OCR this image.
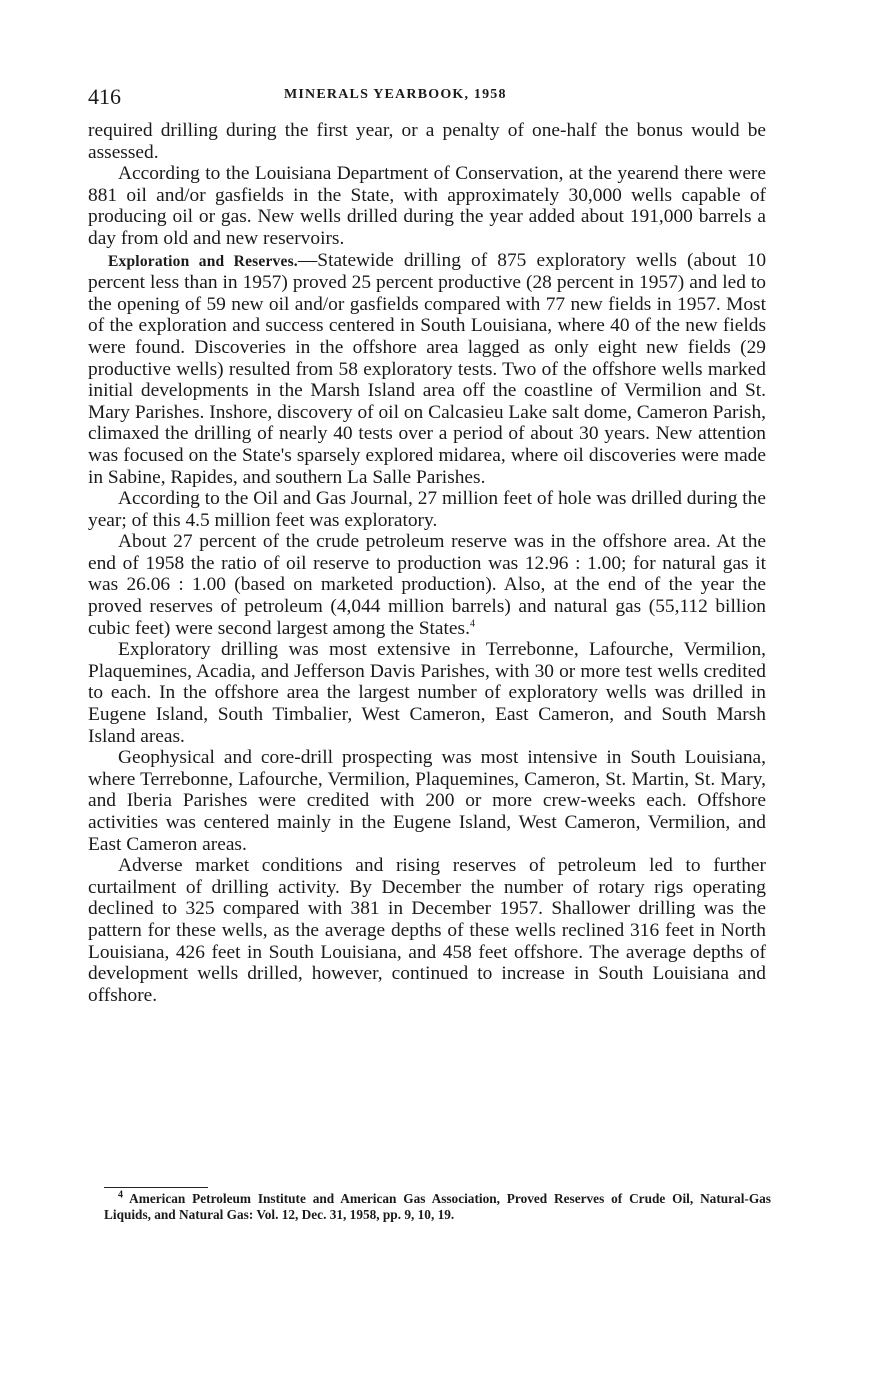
416	MINERALS YEARBOOK, 1958

required drilling during the first year, or a penalty of one-half the bonus would be assessed.

According to the Louisiana Department of Conservation, at the yearend there were 881 oil and/or gasfields in the State, with approximately 30,000 wells capable of producing oil or gas. New wells drilled during the year added about 191,000 barrels a day from old and new reservoirs.

Exploration and Reserves.—Statewide drilling of 875 exploratory wells (about 10 percent less than in 1957) proved 25 percent productive (28 percent in 1957) and led to the opening of 59 new oil and/or gasfields compared with 77 new fields in 1957. Most of the exploration and success centered in South Louisiana, where 40 of the new fields were found. Discoveries in the offshore area lagged as only eight new fields (29 productive wells) resulted from 58 exploratory tests. Two of the offshore wells marked initial developments in the Marsh Island area off the coastline of Vermilion and St. Mary Parishes. Inshore, discovery of oil on Calcasieu Lake salt dome, Cameron Parish, climaxed the drilling of nearly 40 tests over a period of about 30 years. New attention was focused on the State's sparsely explored midarea, where oil discoveries were made in Sabine, Rapides, and southern La Salle Parishes.

According to the Oil and Gas Journal, 27 million feet of hole was drilled during the year; of this 4.5 million feet was exploratory.

About 27 percent of the crude petroleum reserve was in the offshore area. At the end of 1958 the ratio of oil reserve to production was 12.96 : 1.00; for natural gas it was 26.06 : 1.00 (based on marketed production). Also, at the end of the year the proved reserves of petroleum (4,044 million barrels) and natural gas (55,112 billion cubic feet) were second largest among the States.$^4$

Exploratory drilling was most extensive in Terrebonne, Lafourche, Vermilion, Plaquemines, Acadia, and Jefferson Davis Parishes, with 30 or more test wells credited to each. In the offshore area the largest number of exploratory wells was drilled in Eugene Island, South Timbalier, West Cameron, East Cameron, and South Marsh Island areas.

Geophysical and core-drill prospecting was most intensive in South Louisiana, where Terrebonne, Lafourche, Vermilion, Plaquemines, Cameron, St. Martin, St. Mary, and Iberia Parishes were credited with 200 or more crew-weeks each. Offshore activities was centered mainly in the Eugene Island, West Cameron, Vermilion, and East Cameron areas.

Adverse market conditions and rising reserves of petroleum led to further curtailment of drilling activity. By December the number of rotary rigs operating declined to 325 compared with 381 in December 1957. Shallower drilling was the pattern for these wells, as the average depths of these wells reclined 316 feet in North Louisiana, 426 feet in South Louisiana, and 458 feet offshore. The average depths of development wells drilled, however, continued to increase in South Louisiana and offshore.

$^4$ American Petroleum Institute and American Gas Association, Proved Reserves of Crude Oil, Natural-Gas Liquids, and Natural Gas: Vol. 12, Dec. 31, 1958, pp. 9, 10, 19.
